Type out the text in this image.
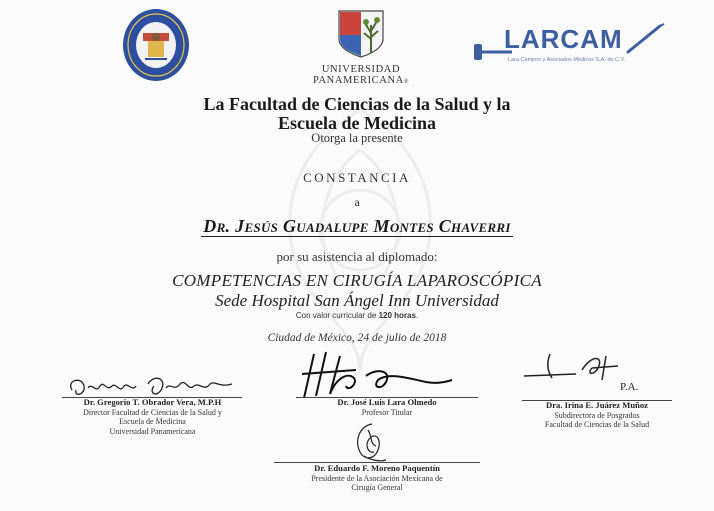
UNIVERSIDAD
PANAMERICANA®
LARCAM
Lara Campos y Asociados Médicos S.A. de C.V.
La Facultad de Ciencias de la Salud y la
Escuela de Medicina
Otorga la presente
CONSTANCIA
a
Dr. Jesús Guadalupe Montes Chaverri
por su asistencia al diplomado:
COMPETENCIAS EN CIRUGÍA LAPAROSCÓPICA
Sede Hospital San Ángel Inn Universidad
Con valor curricular de 120 horas.
Ciudad de México, 24 de julio de 2018
Dr. Gregorio T. Obrador Vera, M.P.H
Director Facultad de Ciencias de la Salud y
Escuela de Medicina
Universidad Panamericana
Dr. José Luis Lara Olmedo
Profesor Titular
P.A.
Dra. Irina E. Juárez Muñoz
Subdirectora de Posgrados
Facultad de Ciencias de la Salud
Dr. Eduardo F. Moreno Paquentín
Presidente de la Asociación Mexicana de
Cirugía General
